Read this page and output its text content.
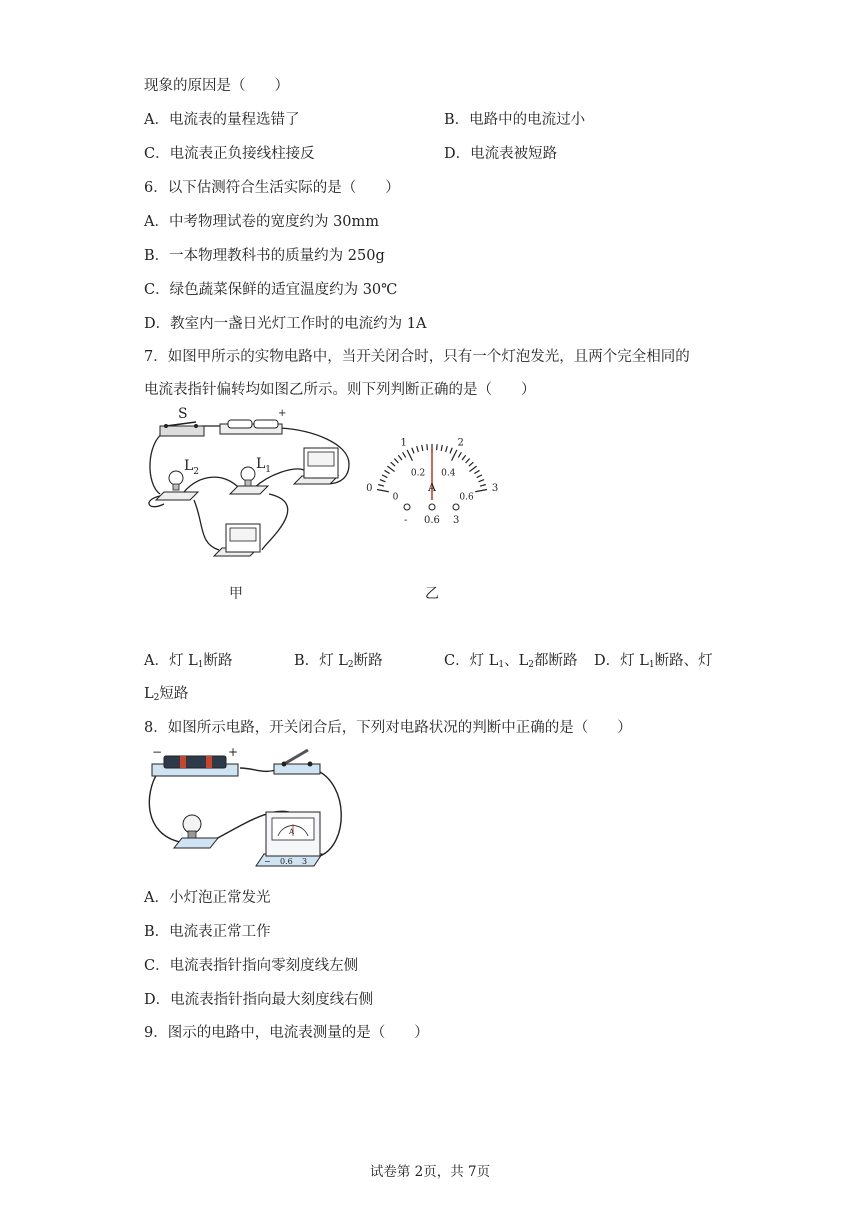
现象的原因是（　　）
A．电流表的量程选错了	B．电路中的电流过小
C．电流表正负接线柱接反	D．电流表被短路
6．以下估测符合生活实际的是（　　）
A．中考物理试卷的宽度约为 30mm
B．一本物理教科书的质量约为 250g
C．绿色蔬菜保鲜的适宜温度约为 30℃
D．教室内一盏日光灯工作时的电流约为 1A
7．如图甲所示的实物电路中，当开关闭合时，只有一个灯泡发光，且两个完全相同的
电流表指针偏转均如图乙所示。则下列判断正确的是（　　）
S	+
$L_2$	$L_1$
甲
0
1	2
3
0
0.2 0.4
0.6
A
- 0.6 3
乙
A．灯 $L_1$断路	B．灯 $L_2$断路	C．灯 $L_1$、$L_2$都断路 D．灯 $L_1$断路、灯
$L_2$短路
8．如图所示电路，开关闭合后，下列对电路状况的判断中正确的是（　　）
−	+
A
− 0.6 3
A．小灯泡正常发光
B．电流表正常工作
C．电流表指针指向零刻度线左侧
D．电流表指针指向最大刻度线右侧
9．图示的电路中，电流表测量的是（　　）
试卷第 2页，共 7页
